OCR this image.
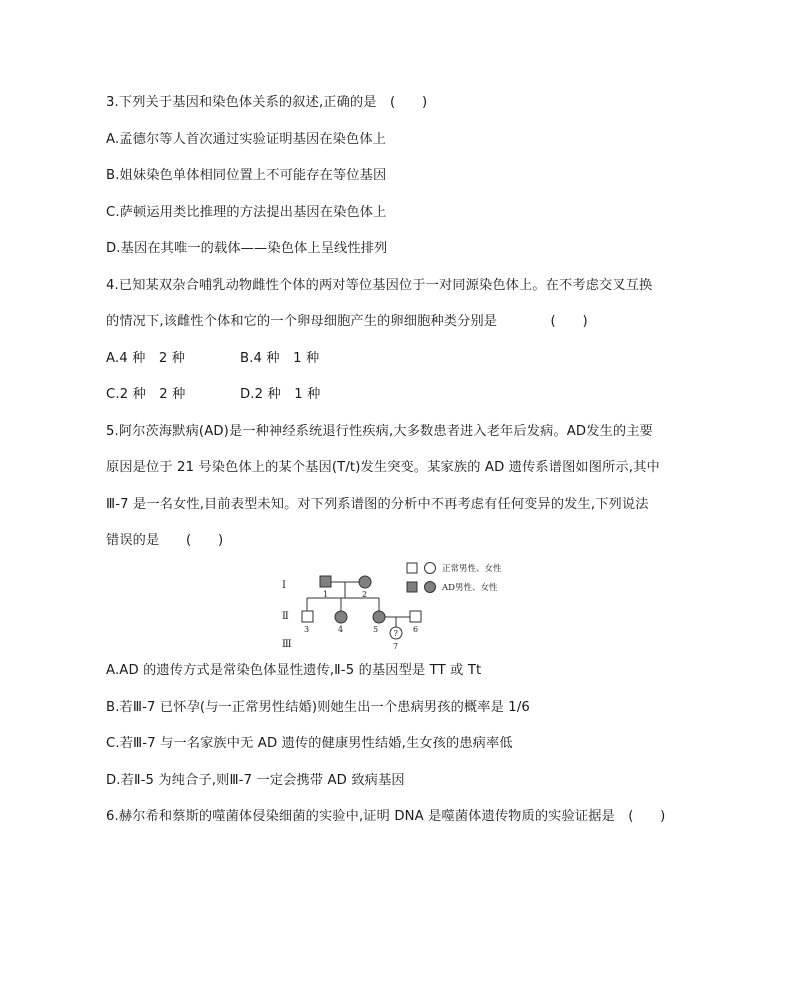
3.下列关于基因和染色体关系的叙述,正确的是　(　　)
A.孟德尔等人首次通过实验证明基因在染色体上
B.姐妹染色单体相同位置上不可能存在等位基因
C.萨顿运用类比推理的方法提出基因在染色体上
D.基因在其唯一的载体——染色体上呈线性排列
4.已知某双杂合哺乳动物雌性个体的两对等位基因位于一对同源染色体上。在不考虑交叉互换
的情况下,该雌性个体和它的一个卵母细胞产生的卵细胞种类分别是　　　　(　　)
A.4 种　2 种	B.4 种　1 种
C.2 种　2 种	D.2 种　1 种
5.阿尔茨海默病(AD)是一种神经系统退行性疾病,大多数患者进入老年后发病。AD发生的主要
原因是位于 21 号染色体上的某个基因(T/t)发生突变。某家族的 AD 遗传系谱图如图所示,其中
Ⅲ-7 是一名女性,目前表型未知。对下列系谱图的分析中不再考虑有任何变异的发生,下列说法
错误的是　　(　　)
Ⅰ
Ⅱ
Ⅲ
1	2
3	4	5	6
?
7
正常男性、女性
AD男性、女性
A.AD 的遗传方式是常染色体显性遗传,Ⅱ-5 的基因型是 TT 或 Tt
B.若Ⅲ-7 已怀孕(与一正常男性结婚)则她生出一个患病男孩的概率是 1/6
C.若Ⅲ-7 与一名家族中无 AD 遗传的健康男性结婚,生女孩的患病率低
D.若Ⅱ-5 为纯合子,则Ⅲ-7 一定会携带 AD 致病基因
6.赫尔希和蔡斯的噬菌体侵染细菌的实验中,证明 DNA 是噬菌体遗传物质的实验证据是　(　　)
